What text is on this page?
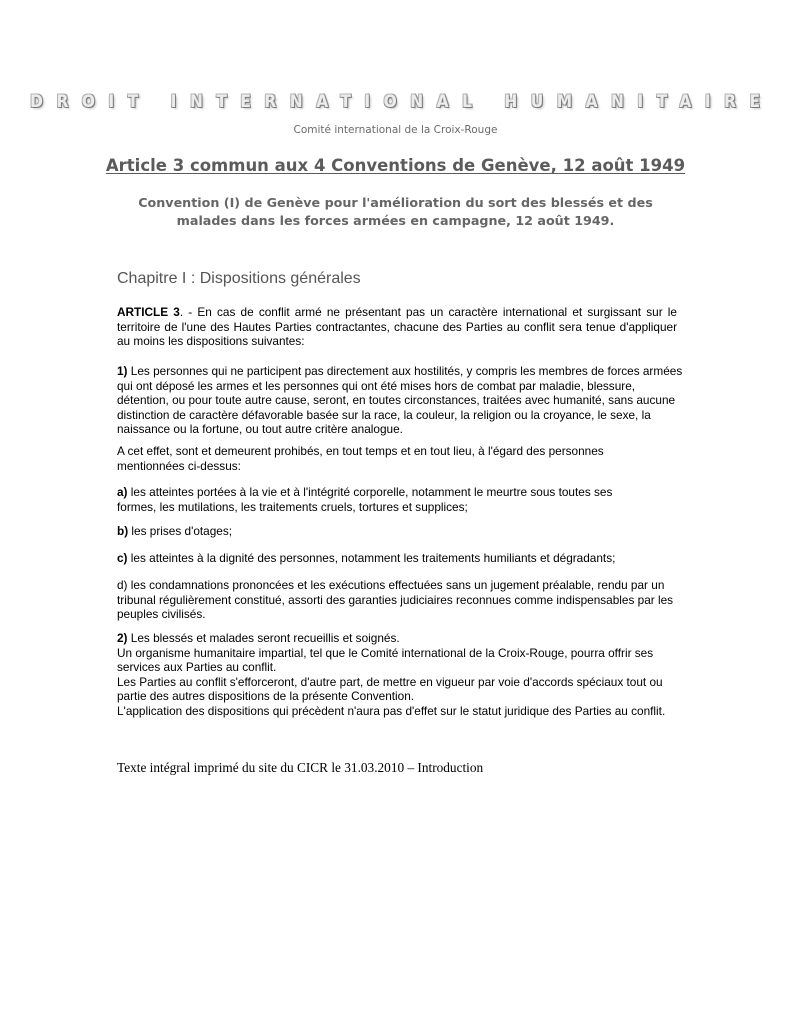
DROIT INTERNATIONAL HUMANITAIRE
Comité international de la Croix-Rouge
Article 3 commun aux 4 Conventions de Genève, 12 août 1949
Convention (I) de Genève pour l'amélioration du sort des blessés et des
malades dans les forces armées en campagne, 12 août 1949.
Chapitre I : Dispositions générales
ARTICLE 3. - En cas de conflit armé ne présentant pas un caractère international et surgissant sur le territoire de l'une des Hautes Parties contractantes, chacune des Parties au conflit sera tenue d'appliquer au moins les dispositions suivantes:
1) Les personnes qui ne participent pas directement aux hostilités, y compris les membres de forces armées
qui ont déposé les armes et les personnes qui ont été mises hors de combat par maladie, blessure,
détention, ou pour toute autre cause, seront, en toutes circonstances, traitées avec humanité, sans aucune
distinction de caractère défavorable basée sur la race, la couleur, la religion ou la croyance, le sexe, la
naissance ou la fortune, ou tout autre critère analogue.
A cet effet, sont et demeurent prohibés, en tout temps et en tout lieu, à l'égard des personnes
mentionnées ci-dessus:
a) les atteintes portées à la vie et à l'intégrité corporelle, notamment le meurtre sous toutes ses
formes, les mutilations, les traitements cruels, tortures et supplices;
b) les prises d'otages;
c) les atteintes à la dignité des personnes, notamment les traitements humiliants et dégradants;
d) les condamnations prononcées et les exécutions effectuées sans un jugement préalable, rendu par un
tribunal régulièrement constitué, assorti des garanties judiciaires reconnues comme indispensables par les
peuples civilisés.
2) Les blessés et malades seront recueillis et soignés.
Un organisme humanitaire impartial, tel que le Comité international de la Croix-Rouge, pourra offrir ses
services aux Parties au conflit.
Les Parties au conflit s'efforceront, d'autre part, de mettre en vigueur par voie d'accords spéciaux tout ou
partie des autres dispositions de la présente Convention.
L'application des dispositions qui précèdent n'aura pas d'effet sur le statut juridique des Parties au conflit.
Texte intégral imprimé du site du CICR le 31.03.2010 – Introduction
